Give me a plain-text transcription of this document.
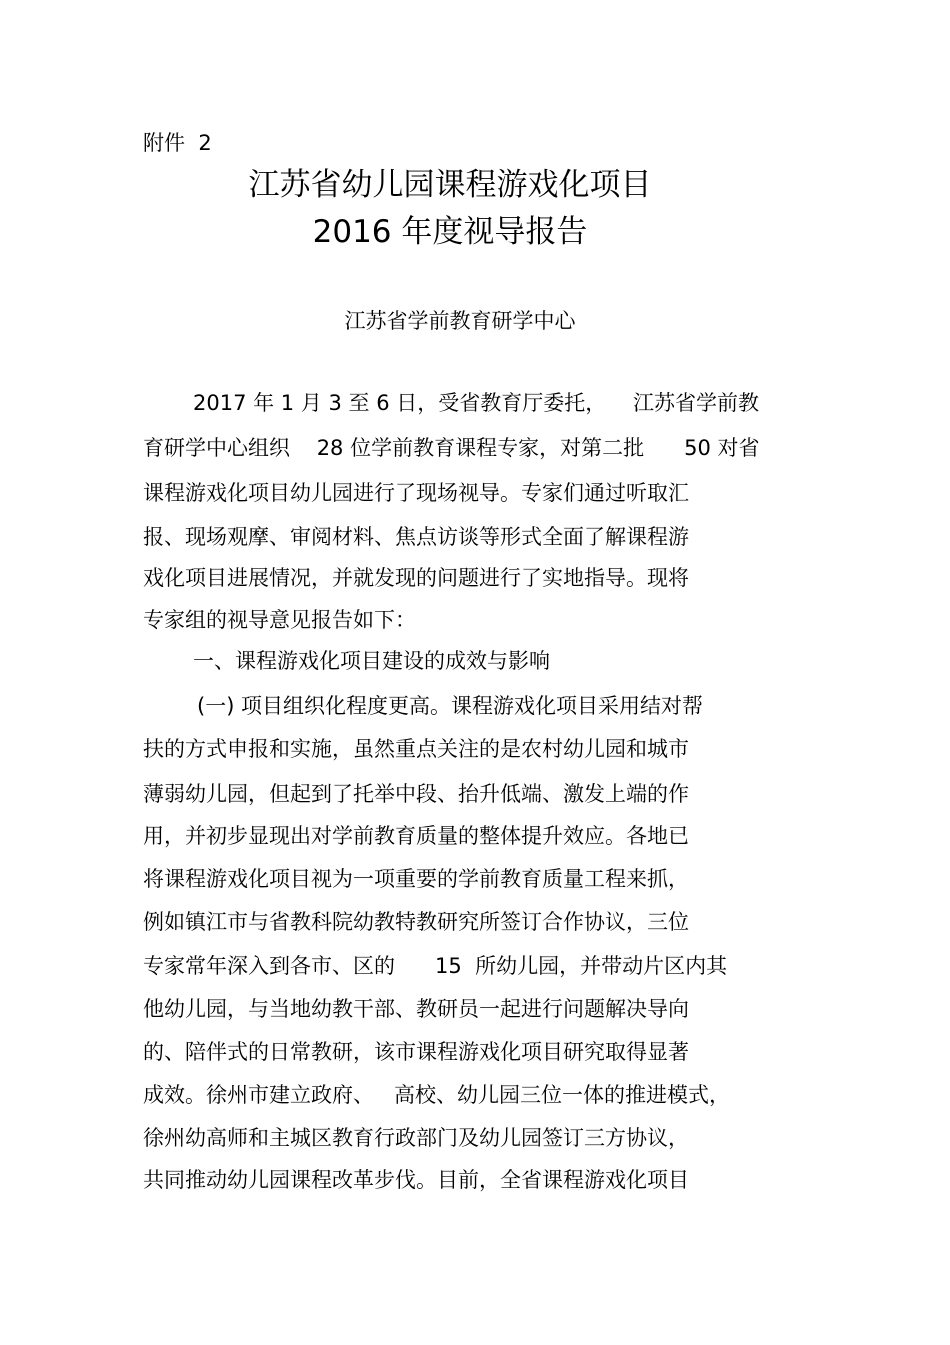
附件  2
江苏省幼儿园课程游戏化项目
2016 年度视导报告
江苏省学前教育研学中心
2017 年 1 月 3 至 6 日，受省教育厅委托，    江苏省学前教
育研学中心组织    28 位学前教育课程专家，对第二批      50 对省
课程游戏化项目幼儿园进行了现场视导。专家们通过听取汇
报、现场观摩、审阅材料、焦点访谈等形式全面了解课程游
戏化项目进展情况，并就发现的问题进行了实地指导。现将
专家组的视导意见报告如下：
一、课程游戏化项目建设的成效与影响
(一) 项目组织化程度更高。课程游戏化项目采用结对帮
扶的方式申报和实施，虽然重点关注的是农村幼儿园和城市
薄弱幼儿园，但起到了托举中段、抬升低端、激发上端的作
用，并初步显现出对学前教育质量的整体提升效应。各地已
将课程游戏化项目视为一项重要的学前教育质量工程来抓，
例如镇江市与省教科院幼教特教研究所签订合作协议，三位
专家常年深入到各市、区的      15  所幼儿园，并带动片区内其
他幼儿园，与当地幼教干部、教研员一起进行问题解决导向
的、陪伴式的日常教研，该市课程游戏化项目研究取得显著
成效。徐州市建立政府、   高校、幼儿园三位一体的推进模式，
徐州幼高师和主城区教育行政部门及幼儿园签订三方协议，
共同推动幼儿园课程改革步伐。目前，全省课程游戏化项目
